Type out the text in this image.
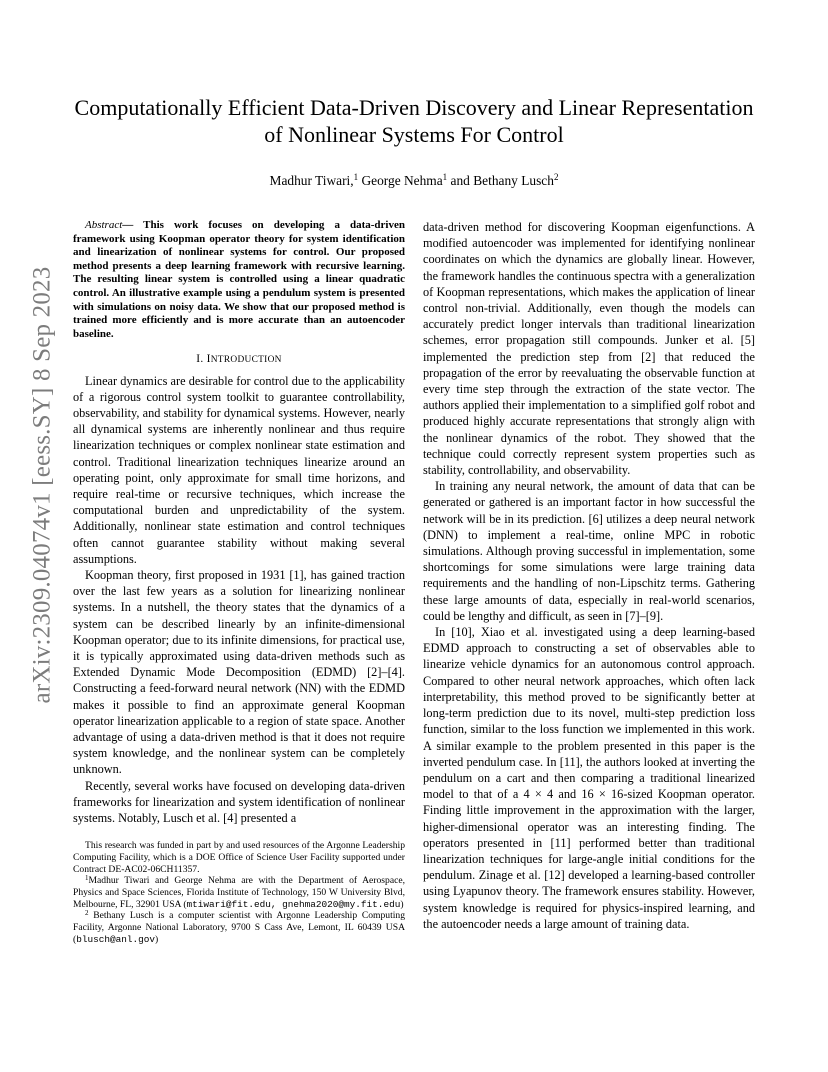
arXiv:2309.04074v1 [eess.SY] 8 Sep 2023
Computationally Efficient Data-Driven Discovery and Linear Representation
of Nonlinear Systems For Control
Madhur Tiwari,$^1$ George Nehma$^1$ and Bethany Lusch$^2$

Abstract— This work focuses on developing a data-driven framework using Koopman operator theory for system identification and linearization of nonlinear systems for control. Our proposed method presents a deep learning framework with recursive learning. The resulting linear system is controlled using a linear quadratic control. An illustrative example using a pendulum system is presented with simulations on noisy data. We show that our proposed method is trained more efficiently and is more accurate than an autoencoder baseline.

I. INTRODUCTION

Linear dynamics are desirable for control due to the applicability of a rigorous control system toolkit to guarantee controllability, observability, and stability for dynamical systems. However, nearly all dynamical systems are inherently nonlinear and thus require linearization techniques or complex nonlinear state estimation and control. Traditional linearization techniques linearize around an operating point, only approximate for small time horizons, and require real-time or recursive techniques, which increase the computational burden and unpredictability of the system. Additionally, nonlinear state estimation and control techniques often cannot guarantee stability without making several assumptions.

Koopman theory, first proposed in 1931 [1], has gained traction over the last few years as a solution for linearizing nonlinear systems. In a nutshell, the theory states that the dynamics of a system can be described linearly by an infinite-dimensional Koopman operator; due to its infinite dimensions, for practical use, it is typically approximated using data-driven methods such as Extended Dynamic Mode Decomposition (EDMD) [2]–[4]. Constructing a feed-forward neural network (NN) with the EDMD makes it possible to find an approximate general Koopman operator linearization applicable to a region of state space. Another advantage of using a data-driven method is that it does not require system knowledge, and the nonlinear system can be completely unknown.

Recently, several works have focused on developing data-driven frameworks for linearization and system identification of nonlinear systems. Notably, Lusch et al. [4] presented a

This research was funded in part by and used resources of the Argonne Leadership Computing Facility, which is a DOE Office of Science User Facility supported under Contract DE-AC02-06CH11357.

$^1$Madhur Tiwari and George Nehma are with the Department of Aerospace, Physics and Space Sciences, Florida Institute of Technology, 150 W University Blvd, Melbourne, FL, 32901 USA (mtiwari@fit.edu, gnehma2020@my.fit.edu)

$^2$ Bethany Lusch is a computer scientist with Argonne Leadership Computing Facility, Argonne National Laboratory, 9700 S Cass Ave, Lemont, IL 60439 USA (blusch@anl.gov)

data-driven method for discovering Koopman eigenfunctions. A modified autoencoder was implemented for identifying nonlinear coordinates on which the dynamics are globally linear. However, the framework handles the continuous spectra with a generalization of Koopman representations, which makes the application of linear control non-trivial. Additionally, even though the models can accurately predict longer intervals than traditional linearization schemes, error propagation still compounds. Junker et al. [5] implemented the prediction step from [2] that reduced the propagation of the error by reevaluating the observable function at every time step through the extraction of the state vector. The authors applied their implementation to a simplified golf robot and produced highly accurate representations that strongly align with the nonlinear dynamics of the robot. They showed that the technique could correctly represent system properties such as stability, controllability, and observability.

In training any neural network, the amount of data that can be generated or gathered is an important factor in how successful the network will be in its prediction. [6] utilizes a deep neural network (DNN) to implement a real-time, online MPC in robotic simulations. Although proving successful in implementation, some shortcomings for some simulations were large training data requirements and the handling of non-Lipschitz terms. Gathering these large amounts of data, especially in real-world scenarios, could be lengthy and difficult, as seen in [7]–[9].

In [10], Xiao et al. investigated using a deep learning-based EDMD approach to constructing a set of observables able to linearize vehicle dynamics for an autonomous control approach. Compared to other neural network approaches, which often lack interpretability, this method proved to be significantly better at long-term prediction due to its novel, multi-step prediction loss function, similar to the loss function we implemented in this work. A similar example to the problem presented in this paper is the inverted pendulum case. In [11], the authors looked at inverting the pendulum on a cart and then comparing a traditional linearized model to that of a 4 × 4 and 16 × 16-sized Koopman operator. Finding little improvement in the approximation with the larger, higher-dimensional operator was an interesting finding. The operators presented in [11] performed better than traditional linearization techniques for large-angle initial conditions for the pendulum. Zinage et al. [12] developed a learning-based controller using Lyapunov theory. The framework ensures stability. However, system knowledge is required for physics-inspired learning, and the autoencoder needs a large amount of training data.
